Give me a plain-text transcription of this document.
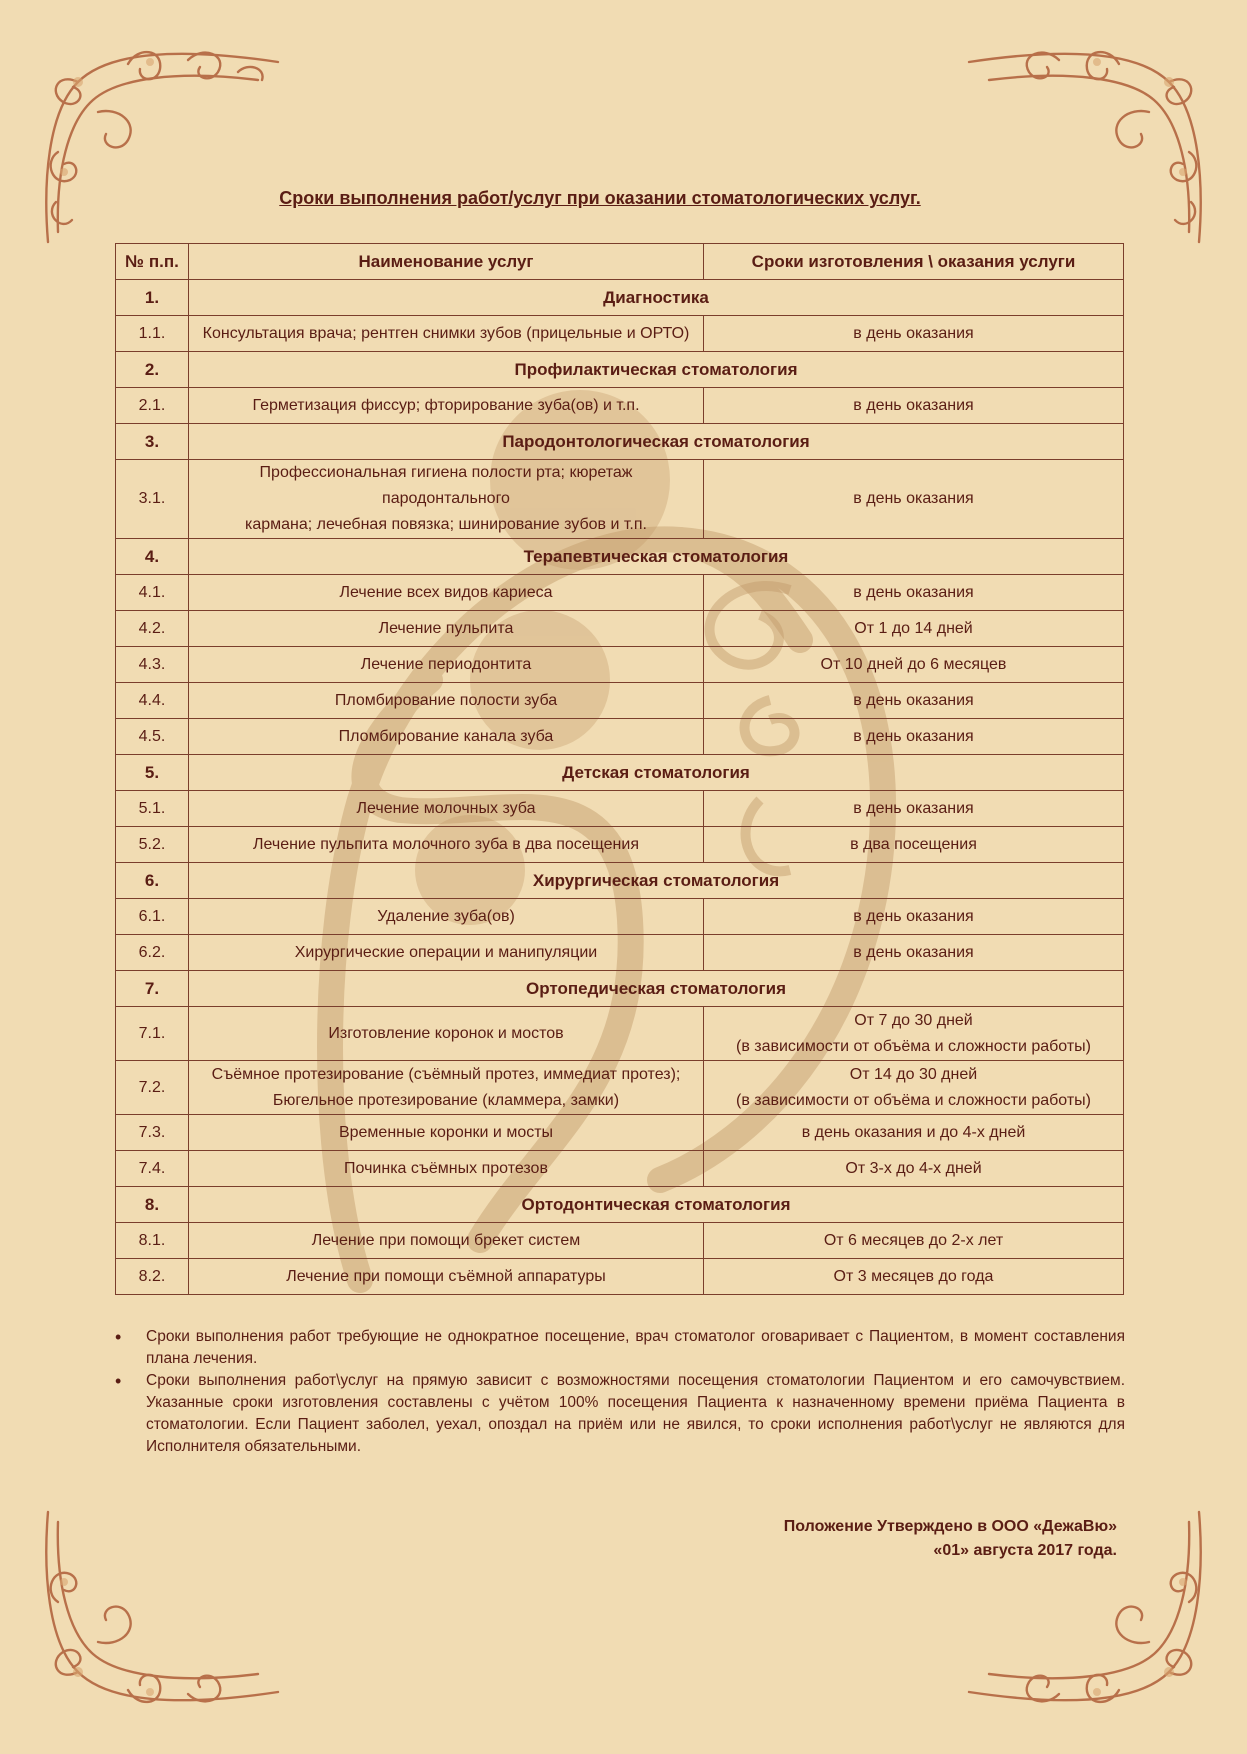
Сроки выполнения работ/услуг при оказании стоматологических услуг.
№ п.п.	Наименование услуг	Сроки изготовления \ оказания услуги
1.	Диагностика	
1.1.	Консультация врача; рентген снимки зубов (прицельные и ОРТО)	в день оказания

2.	Профилактическая стоматология	
2.1.	Герметизация фиссур; фторирование зуба(ов) и т.п.	в день оказания

3.	Пародонтологическая стоматология	
3.1.	Профессиональная гигиена полости рта; кюретаж пародонтального
кармана; лечебная повязка; шинирование зубов и т.п.	в день оказания

4.	Терапевтическая стоматология	
4.1.	Лечение всех видов кариеса	в день оказания

4.2.	Лечение пульпита	От 1 до 14 дней

4.3.	Лечение периодонтита	От 10 дней до 6 месяцев

4.4.	Пломбирование полости зуба	в день оказания

4.5.	Пломбирование канала зуба	в день оказания

5.	Детская стоматология	
5.1.	Лечение молочных зуба	в день оказания

5.2.	Лечение пульпита молочного зуба в два посещения	в два посещения

6.	Хирургическая стоматология	
6.1.	Удаление зуба(ов)	в день оказания

6.2.	Хирургические операции и манипуляции	в день оказания

7.	Ортопедическая стоматология	
7.1.	Изготовление коронок и мостов	От 7 до 30 дней
(в зависимости от объёма и сложности работы)

7.2.	Съёмное протезирование (съёмный протез, иммедиат протез);
Бюгельное протезирование (кламмера, замки)	От 14 до 30 дней
(в зависимости от объёма и сложности работы)

7.3.	Временные коронки и мосты	в день оказания и до 4-х дней

7.4.	Починка съёмных протезов	От 3-х до 4-х дней

8.	Ортодонтическая стоматология	
8.1.	Лечение при помощи брекет систем	От 6 месяцев до 2-х лет

8.2.	Лечение при помощи съёмной аппаратуры	От 3 месяцев до года
• Сроки выполнения работ требующие не однократное посещение, врач стоматолог оговаривает с Пациентом, в момент составления плана лечения.
• Сроки выполнения работ\услуг на прямую зависит с возможностями посещения стоматологии Пациентом и его самочувствием. Указанные сроки изготовления составлены с учётом 100% посещения Пациента к назначенному времени приёма Пациента в стоматологии. Если Пациент заболел, уехал, опоздал на приём или не явился, то сроки исполнения работ\услуг не являются для Исполнителя обязательными.
Положение Утверждено в ООО «ДежаВю»
«01» августа 2017 года.
